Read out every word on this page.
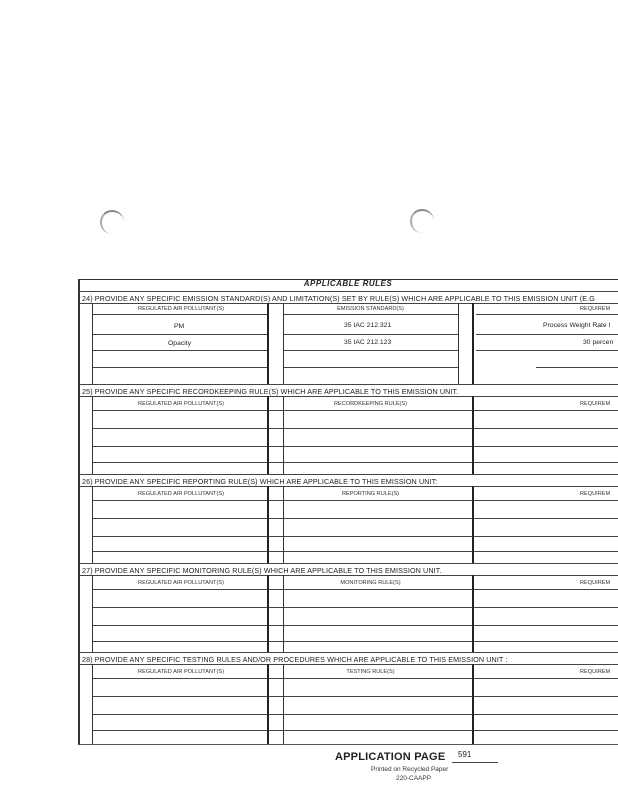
APPLICABLE RULES
24) PROVIDE ANY SPECIFIC EMISSION STANDARD(S) AND LIMITATION(S) SET BY RULE(S) WHICH ARE APPLICABLE TO THIS EMISSION UNIT (E.G
REGULATED AIR POLLUTANT(S)	EMISSION STANDARD(S)	REQUIREM
PM	35 IAC 212.321	Process Weight Rate I
Opacity	35 IAC 212.123	30 percen
25) PROVIDE ANY SPECIFIC RECORDKEEPING RULE(S) WHICH ARE APPLICABLE TO THIS EMISSION UNIT.
REGULATED AIR POLLUTANT(S)	RECORDKEEPING RULE(S)	REQUIREM
26) PROVIDE ANY SPECIFIC REPORTING RULE(S) WHICH ARE APPLICABLE TO THIS EMISSION UNIT:
REGULATED AIR POLLUTANT(S)	REPORTING RULE(S)	REQUIREM
27) PROVIDE ANY SPECIFIC MONITORING RULE(S) WHICH ARE APPLICABLE TO THIS EMISSION UNIT.
REGULATED AIR POLLUTANT(S)	MONITORING RULE(S)	REQUIREM
28) PROVIDE ANY SPECIFIC TESTING RULES AND/OR PROCEDURES WHICH ARE APPLICABLE TO THIS EMISSION UNIT :
REGULATED AIR POLLUTANT(S)	TESTING RULE(S)	REQUIREM
APPLICATION PAGE 591
Printed on Recycled Paper
220-CAAPP
